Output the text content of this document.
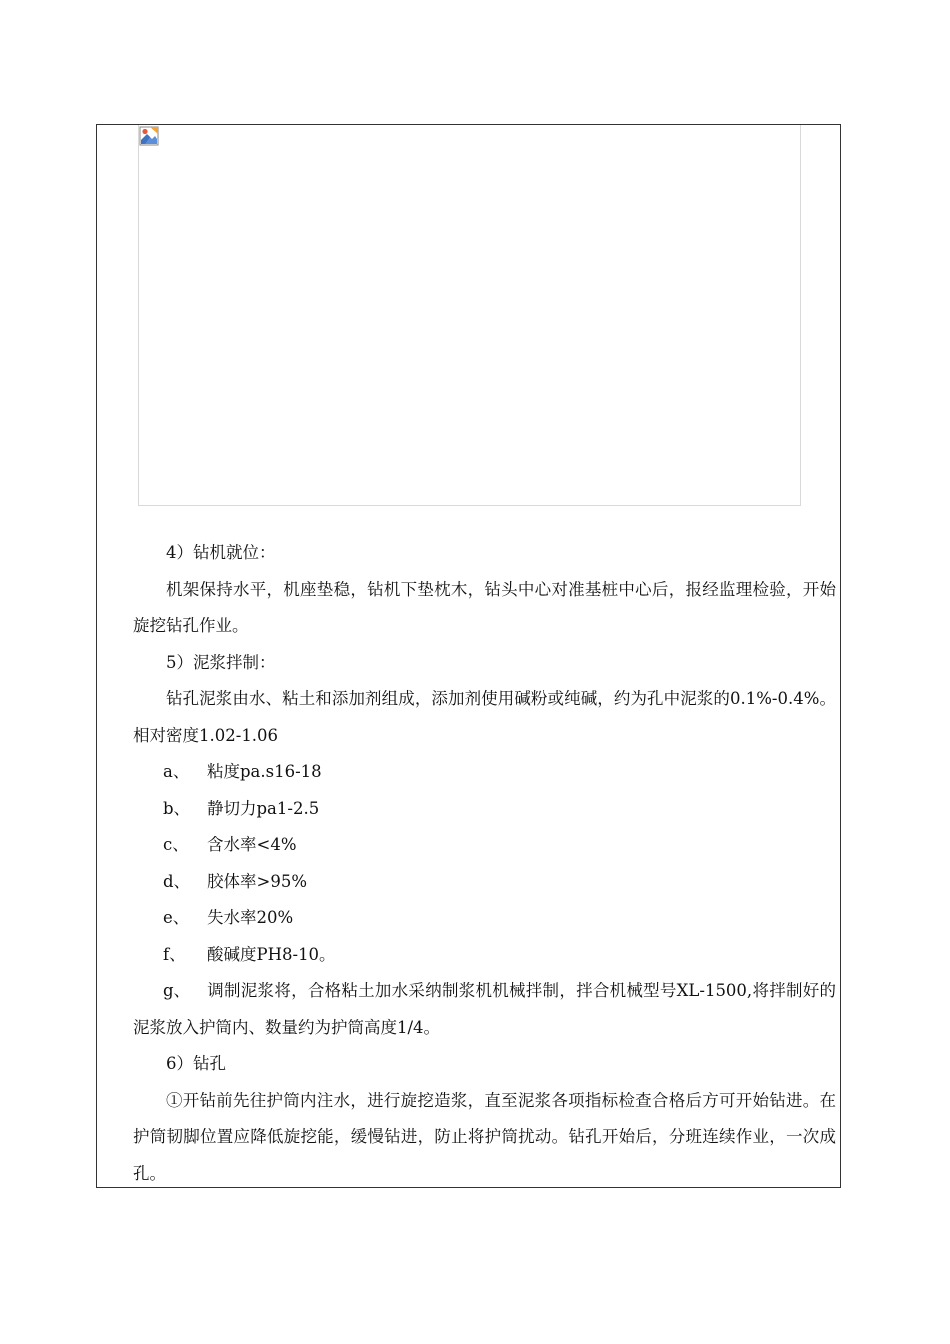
4）钻机就位：

机架保持水平，机座垫稳，钻机下垫枕木，钻头中心对准基桩中心后，报经监理检验，开始旋挖钻孔作业。

5）泥浆拌制：

钻孔泥浆由水、粘土和添加剂组成，添加剂使用碱粉或纯碱，约为孔中泥浆的0.1%-0.4%。相对密度1.02-1.06

a、	粘度pa.s16-18
b、	静切力pa1-2.5
c、	含水率<4%
d、	胶体率>95%
e、	失水率20%
f、	酸碱度PH8-10。
g、 调制泥浆将，合格粘土加水采纳制浆机机械拌制，拌合机械型号XL-1500,将拌制好的泥浆放入护筒内、数量约为护筒高度1/4。

6）钻孔

①开钻前先往护筒内注水，进行旋挖造浆，直至泥浆各项指标检查合格后方可开始钻进。在护筒韧脚位置应降低旋挖能，缓慢钻进，防止将护筒扰动。钻孔开始后，分班连续作业，一次成孔。
